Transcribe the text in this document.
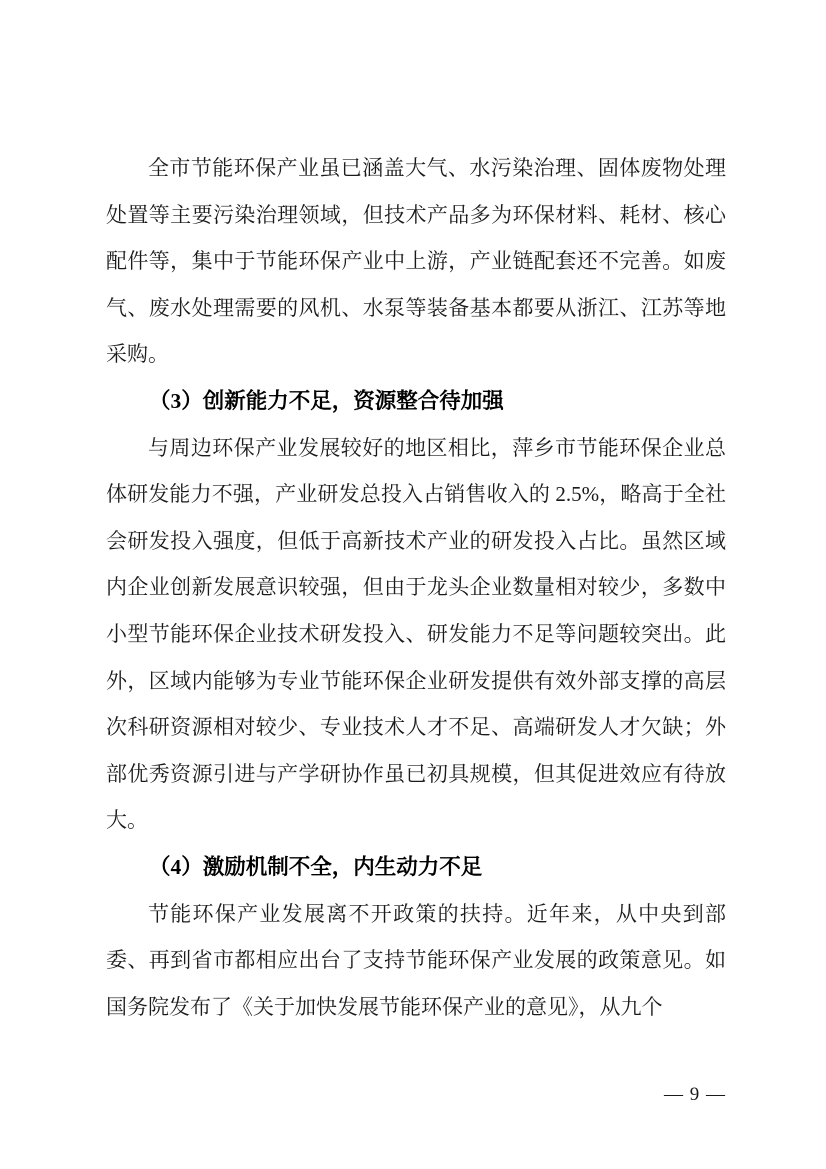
全市节能环保产业虽已涵盖大气、水污染治理、固体废物处理处置等主要污染治理领域，但技术产品多为环保材料、耗材、核心配件等，集中于节能环保产业中上游，产业链配套还不完善。如废气、废水处理需要的风机、水泵等装备基本都要从浙江、江苏等地采购。

（3）创新能力不足，资源整合待加强

与周边环保产业发展较好的地区相比，萍乡市节能环保企业总体研发能力不强，产业研发总投入占销售收入的 2.5%，略高于全社会研发投入强度，但低于高新技术产业的研发投入占比。虽然区域内企业创新发展意识较强，但由于龙头企业数量相对较少，多数中小型节能环保企业技术研发投入、研发能力不足等问题较突出。此外，区域内能够为专业节能环保企业研发提供有效外部支撑的高层次科研资源相对较少、专业技术人才不足、高端研发人才欠缺；外部优秀资源引进与产学研协作虽已初具规模，但其促进效应有待放大。

（4）激励机制不全，内生动力不足

节能环保产业发展离不开政策的扶持。近年来，从中央到部委、再到省市都相应出台了支持节能环保产业发展的政策意见。如国务院发布了《关于加快发展节能环保产业的意见》，从九个

— 9 —
